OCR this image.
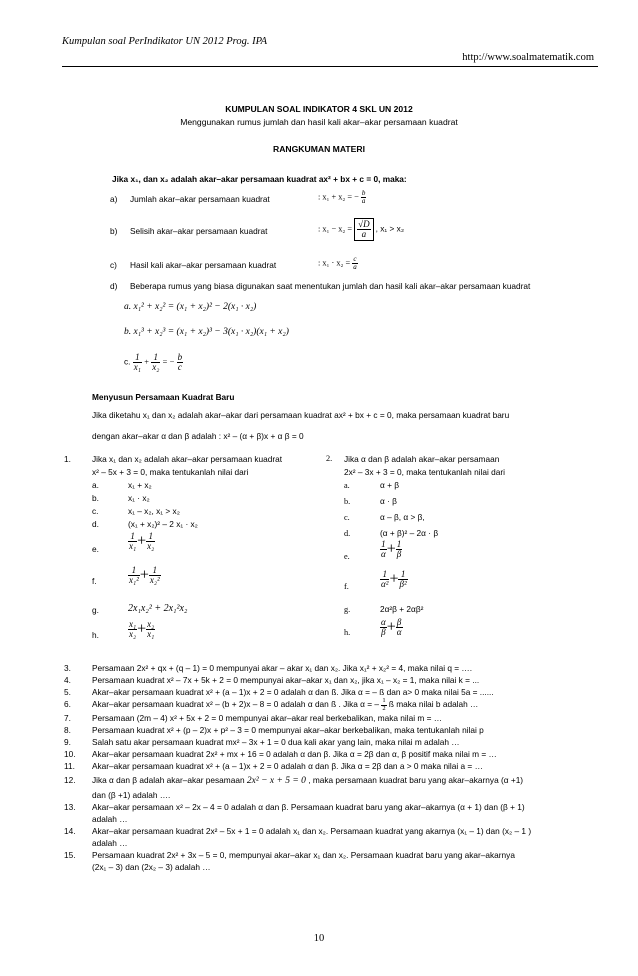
Kumpulan soal PerIndikator UN 2012 Prog. IPA
http://www.soalmatematik.com
KUMPULAN SOAL INDIKATOR 4 SKL UN 2012
Menggunakan rumus jumlah dan hasil kali akar–akar persamaan kuadrat
RANGKUMAN MATERI
Jika x₁, dan x₂ adalah akar–akar persamaan kuadrat ax² + bx + c = 0, maka:
a) Jumlah akar–akar persamaan kuadrat	: x₁ + x₂ = − $\frac{b}{a}$
b) Selisih akar–akar persamaan kuadrat	: $x_1 - x_2 = \frac{√D}{a}$ , x₁ > x₂
c) Hasil kali akar–akar persamaan kuadrat	: $x_1 \cdot x_2 = \frac{c}{a}$
d) Beberapa rumus yang biasa digunakan saat menentukan jumlah dan hasil kali akar–akar persamaan kuadrat
a. x₁² + x₂² = (x₁ + x₂)² − 2(x₁ · x₂)
b. x₁³ + x₂³ = (x₁ + x₂)³ − 3(x₁ · x₂)(x₁ + x₂)
c. $\frac{1}{\text{x₁}} + \frac{1}{\text{x₂}}$ = − $\frac{b}{c}$
Menyusun Persamaan Kuadrat Baru
Jika diketahu x₁ dan x₂ adalah akar–akar dari persamaan kuadrat ax² + bx + c = 0, maka persamaan kuadrat baru
dengan akar–akar α dan β adalah : x² – (α + β)x + α β = 0
1.	Jika x₁ dan x₂ adalah akar–akar persamaan kuadrat
x² – 5x + 3 = 0, maka tentukanlah nilai dari
a.	x₁ + x₂
b.	x₁ · x₂
c.	x₁ – x₂, x₁ > x₂
d.	(x₁ + x₂)² – 2 x₁ · x₂
e.	$\frac{1}{\text{x₁}} + \frac{1}{\text{x₂}}$
f.	$\frac{1}{\text{x₁²}} + \frac{1}{\text{x₂²}}$
g.	2x₁x₂² + 2x₁²x₂
h.	$\frac{\text{x₁}}{\text{x₂}} + \frac{\text{x₂}}{\text{x₁}}$
2. Jika α dan β adalah akar–akar persamaan
2x² – 3x + 3 = 0, maka tentukanlah nilai dari
a.	α + β
b.	α · β
c.	α – β, α > β,
d.	(α + β)² – 2α · β
e.	$\frac{1}{\alpha} + \frac{1}{\beta}$
f.	$\frac{1}{\text{α²}} + \frac{1}{\text{β²}}$
g.	2α²β + 2αβ²
h.	$\frac{\alpha}{\beta} + \frac{\beta}{\alpha}$
3.	Persamaan 2x² + qx + (q – 1) = 0 mempunyai akar – akar x₁ dan x₂. Jika x₁² + x₂² = 4, maka nilai q = ….
4.	Persamaan kuadrat x² – 7x + 5k + 2 = 0 mempunyai akar–akar x₁ dan x₂, jika x₁ – x₂ = 1, maka nilai k = ...
5.	Akar–akar persamaan kuadrat x² + (a – 1)x + 2 = 0 adalah α dan ß. Jika α = – ß dan a> 0 maka nilai 5a = ......
6.	Akar–akar persamaan kuadrat x² – (b + 2)x – 8 = 0 adalah α dan ß . Jika α = – $\frac{1}{2}$ ß maka nilai b adalah …
7.	Persamaan (2m – 4) x² + 5x + 2 = 0 mempunyai akar–akar real berkebalikan, maka nilai m = …
8.	Persamaan kuadrat x² + (p – 2)x + p² – 3 = 0 mempunyai akar–akar berkebalikan, maka tentukanlah nilai p
9.	Salah satu akar persamaan kuadrat mx² – 3x + 1 = 0 dua kali akar yang lain, maka nilai m adalah …
10. Akar–akar persamaan kuadrat 2x² + mx + 16 = 0 adalah α dan β. Jika α = 2β dan α, β positif maka nilai m = …
11. Akar–akar persamaan kuadrat x² + (a – 1)x + 2 = 0 adalah α dan β. Jika α = 2β dan a > 0 maka nilai a = …
12. Jika α dan β adalah akar–akar pesamaan 2x² − x + 5 = 0 , maka persamaan kuadrat baru yang akar–akarnya (α +1)
dan (β +1) adalah ….
13. Akar–akar persamaan x² – 2x – 4 = 0 adalah α dan β. Persamaan kuadrat baru yang akar–akarnya (α + 1) dan (β + 1)
adalah …
14. Akar–akar persamaan kuadrat 2x² – 5x + 1 = 0 adalah x₁ dan x₂. Persamaan kuadrat yang akarnya (x₁ – 1) dan (x₂ – 1 )
adalah …
15. Persamaan kuadrat 2x² + 3x – 5 = 0, mempunyai akar–akar x₁ dan x₂. Persamaan kuadrat baru yang akar–akarnya
(2x₁ – 3) dan (2x₂ – 3) adalah …
10
